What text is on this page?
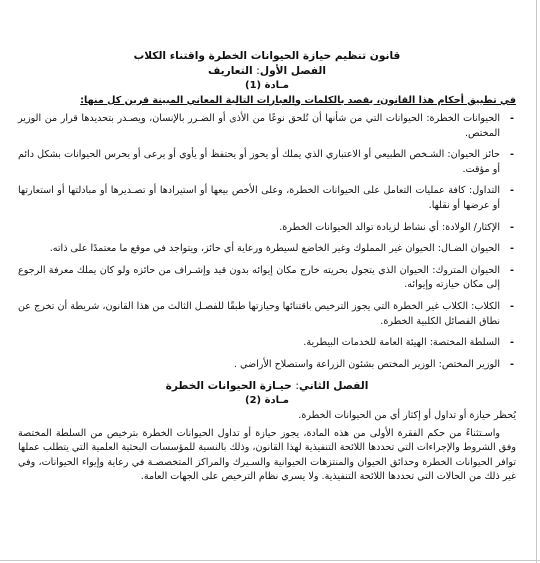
قانون تنظيم حيازة الحيوانات الخطرة واقتناء الكلاب

الفصل الأول: التعاريف

مـادة (1)

في تطبيق أحكام هذا القانون، يقصد بالكلمات والعبارات التالية المعاني المبينة قرين كل منها:

-
الحيوانات الخطرة: الحيوانات التي من شأنها أن تُلحق نوعًا من الأذى أو الضـرر بالإنسان، ويصـدر بتحديدها قرار من الوزير المختص.
-
حائز الحيوان: الشـخص الطبيعي أو الاعتباري الذي يملك أو يحوز أو يحتفظ أو يأوي أو يرعى أو يحرس الحيوانات بشكل دائم أو مؤقت.
-
التداول: كافة عمليات التعامل على الحيوانات الخطرة، وعلى الأخص بيعها أو استيرادها أو تصـديرها أو مبادلتها أو استعارتها أو عرضها أو نقلها.
-
الإكثار/ الولادة: أي نشاط لزيادة توالد الحيوانات الخطرة.
-
الحيوان الضـال: الحيوان غير المملوك وغير الخاضع لسيطرة ورعاية أي حائز، ويتواجد في موقع ما معتمدًا على ذاته.
-
الحيوان المتروك: الحيوان الذي يتجول بحريته خارج مكان إيوائه بدون قيد وإشـراف من حائزه ولو كان يملك معرفة الرجوع إلى مكان حيازته وإيوائه.
-
الكلاب: الكلاب غير الخطرة التي يجوز الترخيص باقتنائها وحيازتها طبقًا للفصـل الثالث من هذا القانون، شريطة أن تخرج عن نطاق الفصائل الكلبية الخطرة.
-
السلطة المختصة: الهيئة العامة للخدمات البيطرية.
-
الوزير المختص: الوزير المختص بشئون الزراعة واستصلاح الأراضي .

الفصل الثاني: حيـازة الحيوانات الخطرة

مـادة (2)

يُحظر حيازة أو تداول أو إكثار أي من الحيوانات الخطرة.

واسـتثناءً من حكم الفقرة الأولى من هذه المادة، يجوز حيازة أو تداول الحيوانات الخطرة بترخيص من السلطة المختصة وفق الشروط والإجراءات التي تحددها اللائحة التنفيذية لهذا القانون، وذلك بالنسبة للمؤسسات البحثية العلمية التي يتطلب عملها توافر الحيوانات الخطرة وحدائق الحيوان والمنتزهات الحيوانية والسـيرك والمراكز المتخصصـة في رعاية وإيواء الحيوانات، وفي غير ذلك من الحالات التي تحددها اللائحة التنفيذية. ولا يسري نظام الترخيص على الجهات العامة.
